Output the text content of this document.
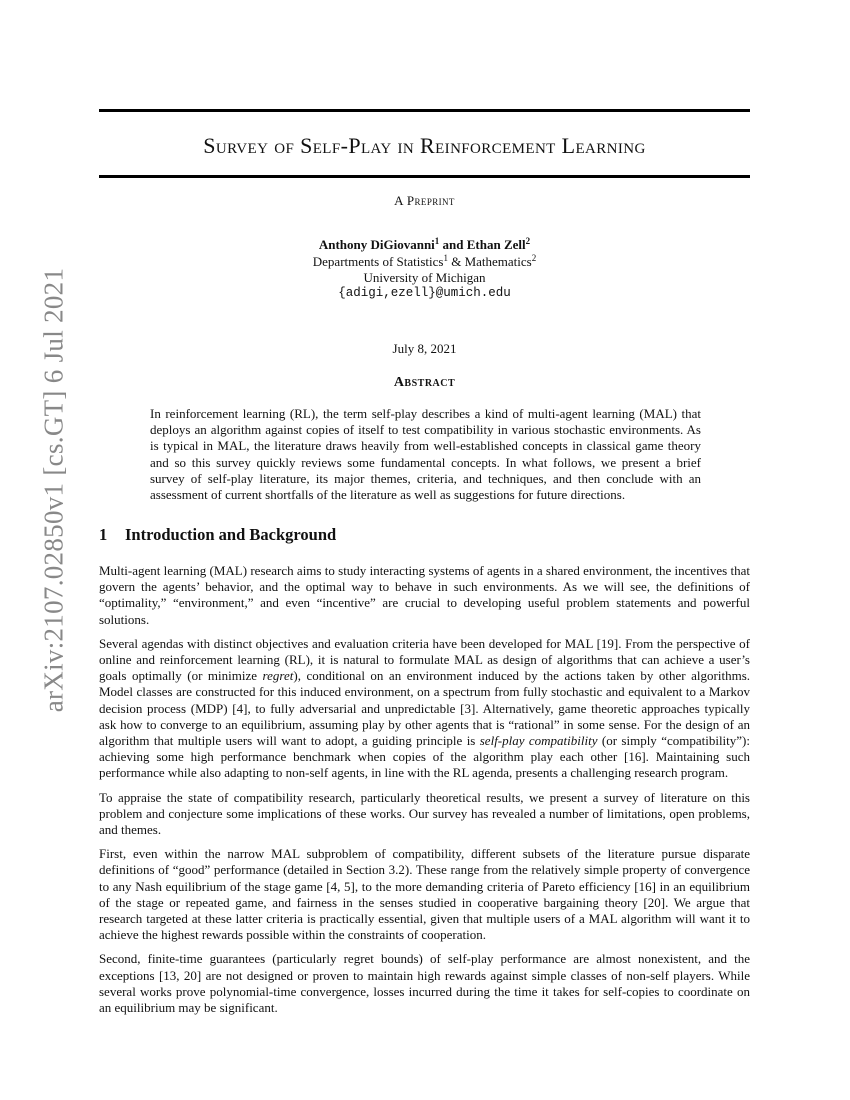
arXiv:2107.02850v1 [cs.GT] 6 Jul 2021
Survey of Self-Play in Reinforcement Learning
A Preprint
Anthony DiGiovanni$^1$ and Ethan Zell$^2$
Departments of Statistics$^1$ & Mathematics$^2$
University of Michigan
{adigi,ezell}@umich.edu
July 8, 2021
Abstract
In reinforcement learning (RL), the term self-play describes a kind of multi-agent learning (MAL) that deploys an algorithm against copies of itself to test compatibility in various stochastic environments. As is typical in MAL, the literature draws heavily from well-established concepts in classical game theory and so this survey quickly reviews some fundamental concepts. In what follows, we present a brief survey of self-play literature, its major themes, criteria, and techniques, and then conclude with an assessment of current shortfalls of the literature as well as suggestions for future directions.
1 Introduction and Background

Multi-agent learning (MAL) research aims to study interacting systems of agents in a shared environment, the incentives that govern the agents’ behavior, and the optimal way to behave in such environments. As we will see, the definitions of “optimality,” “environment,” and even “incentive” are crucial to developing useful problem statements and powerful solutions.

Several agendas with distinct objectives and evaluation criteria have been developed for MAL [19]. From the perspective of online and reinforcement learning (RL), it is natural to formulate MAL as design of algorithms that can achieve a user’s goals optimally (or minimize regret), conditional on an environment induced by the actions taken by other algorithms. Model classes are constructed for this induced environment, on a spectrum from fully stochastic and equivalent to a Markov decision process (MDP) [4], to fully adversarial and unpredictable [3]. Alternatively, game theoretic approaches typically ask how to converge to an equilibrium, assuming play by other agents that is “rational” in some sense. For the design of an algorithm that multiple users will want to adopt, a guiding principle is self-play compatibility (or simply “compatibility”): achieving some high performance benchmark when copies of the algorithm play each other [16]. Maintaining such performance while also adapting to non-self agents, in line with the RL agenda, presents a challenging research program.

To appraise the state of compatibility research, particularly theoretical results, we present a survey of literature on this problem and conjecture some implications of these works. Our survey has revealed a number of limitations, open problems, and themes.

First, even within the narrow MAL subproblem of compatibility, different subsets of the literature pursue disparate definitions of “good” performance (detailed in Section 3.2). These range from the relatively simple property of convergence to any Nash equilibrium of the stage game [4, 5], to the more demanding criteria of Pareto efficiency [16] in an equilibrium of the stage or repeated game, and fairness in the senses studied in cooperative bargaining theory [20]. We argue that research targeted at these latter criteria is practically essential, given that multiple users of a MAL algorithm will want it to achieve the highest rewards possible within the constraints of cooperation.

Second, finite-time guarantees (particularly regret bounds) of self-play performance are almost nonexistent, and the exceptions [13, 20] are not designed or proven to maintain high rewards against simple classes of non-self players. While several works prove polynomial-time convergence, losses incurred during the time it takes for self-copies to coordinate on an equilibrium may be significant.
